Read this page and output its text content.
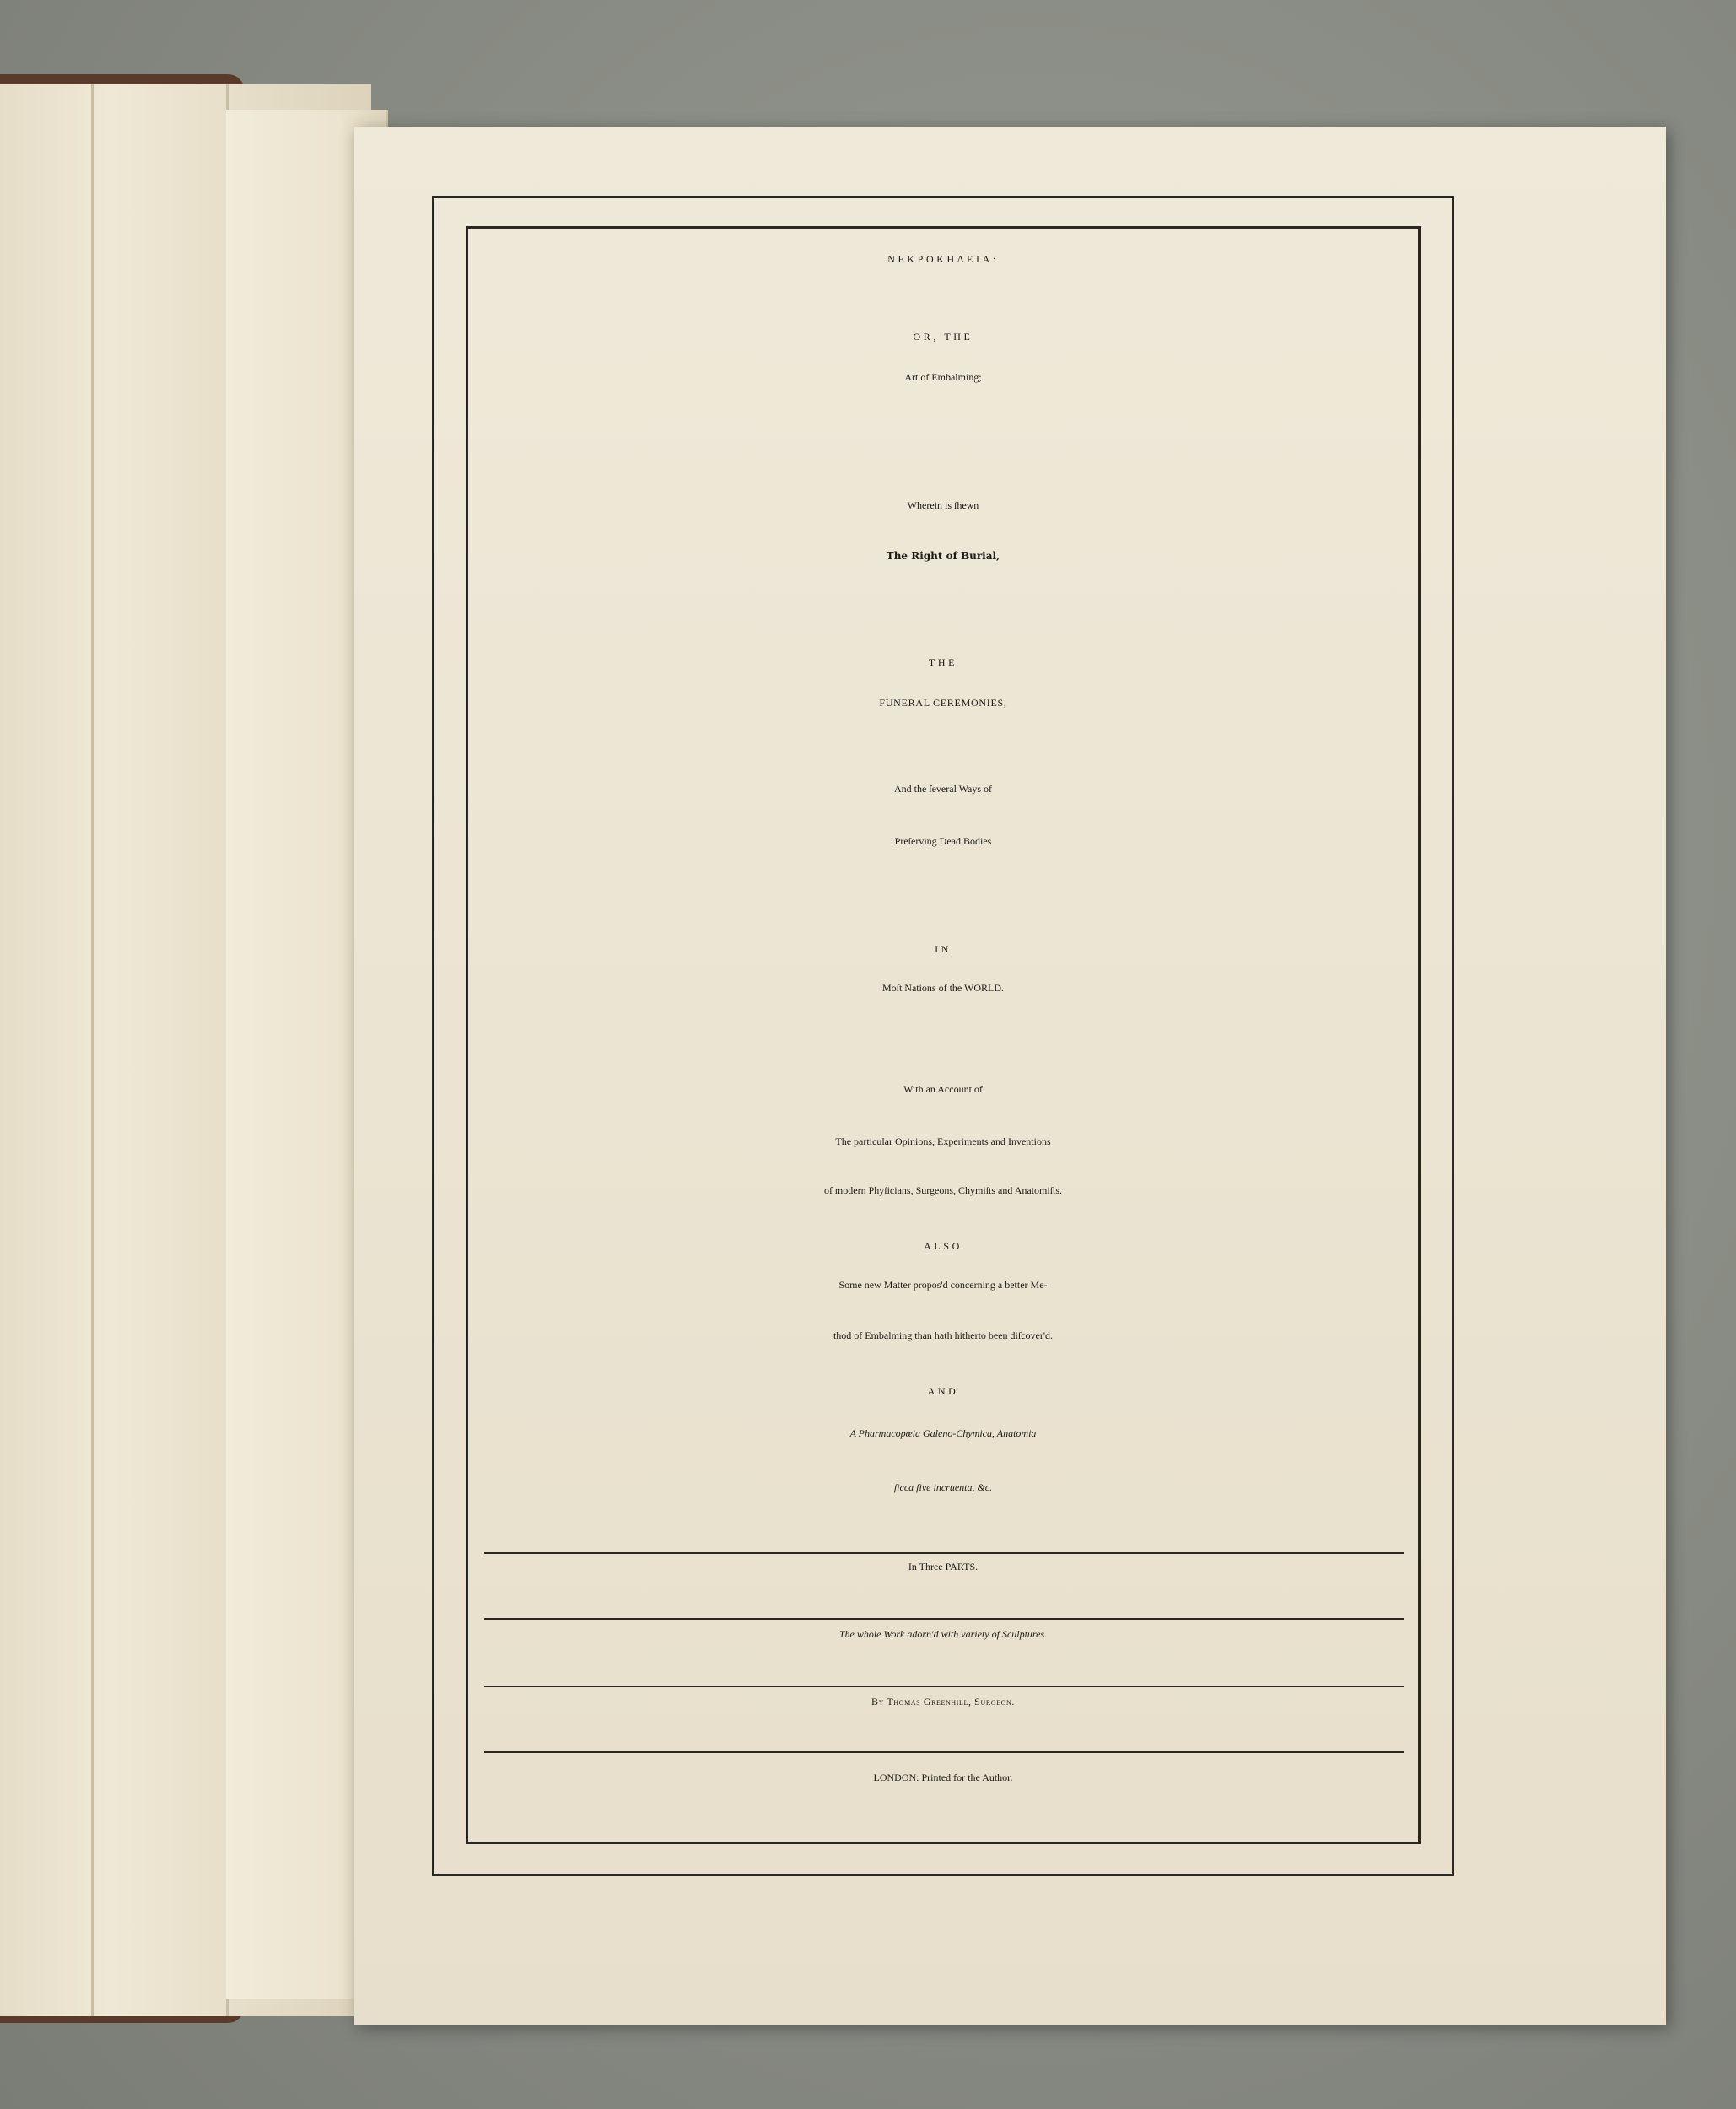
ΝΕΚΡΟΚΗΔΕΙΑ:
OR, THE
Art of Embalming;
Wherein is ſhewn
The Right of Burial,
THE
FUNERAL CEREMONIES,
And the ſeveral Ways of
Preſerving Dead Bodies
IN
Moſt Nations of the WORLD.
With an Account of
The particular Opinions, Experiments and Inventions
of modern Phyſicians, Surgeons, Chymiſts and Anatomiſts.
ALSO
Some new Matter propos'd concerning a better Me-
thod of Embalming than hath hitherto been diſcover'd.
AND
A Pharmacopœia Galeno-Chymica, Anatomia
ſicca ſive incruenta, &c.
In Three PARTS.
The whole Work adorn'd with variety of Sculptures.
By Thomas Greenhill, Surgeon.
LONDON: Printed for the Author.
